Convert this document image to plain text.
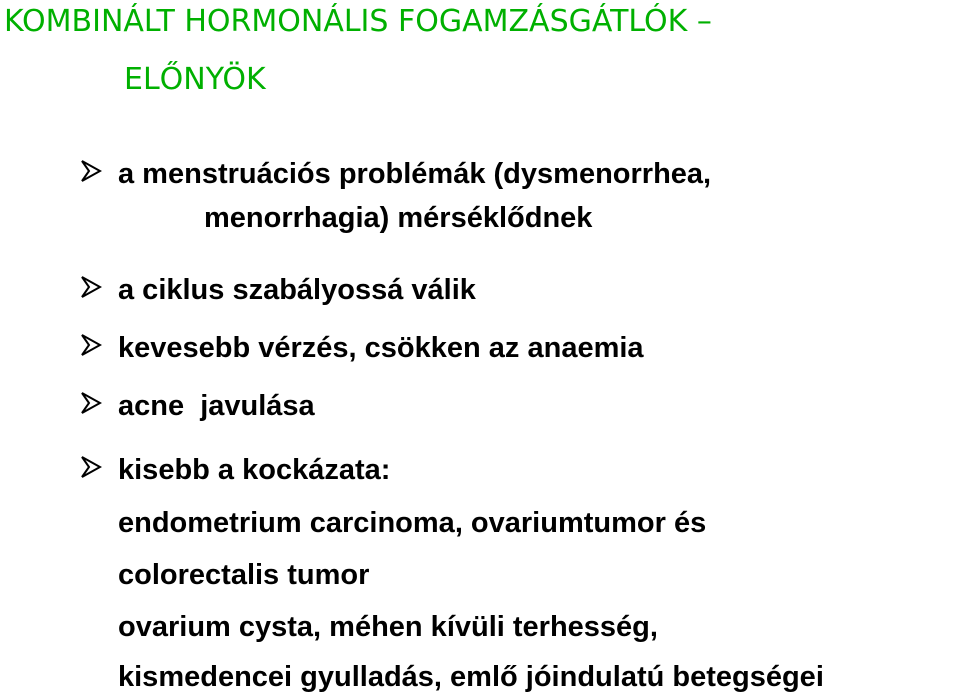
KOMBINÁLT HORMONÁLIS FOGAMZÁSGÁTLÓK –
ELŐNYÖK
a menstruációs problémák (dysmenorrhea,
menorrhagia) mérséklődnek
a ciklus szabályossá válik
kevesebb vérzés, csökken az anaemia
acne  javulása
kisebb a kockázata:
endometrium carcinoma, ovariumtumor és
colorectalis tumor
ovarium cysta, méhen kívüli terhesség,
kismedencei gyulladás, emlő jóindulatú betegségei
